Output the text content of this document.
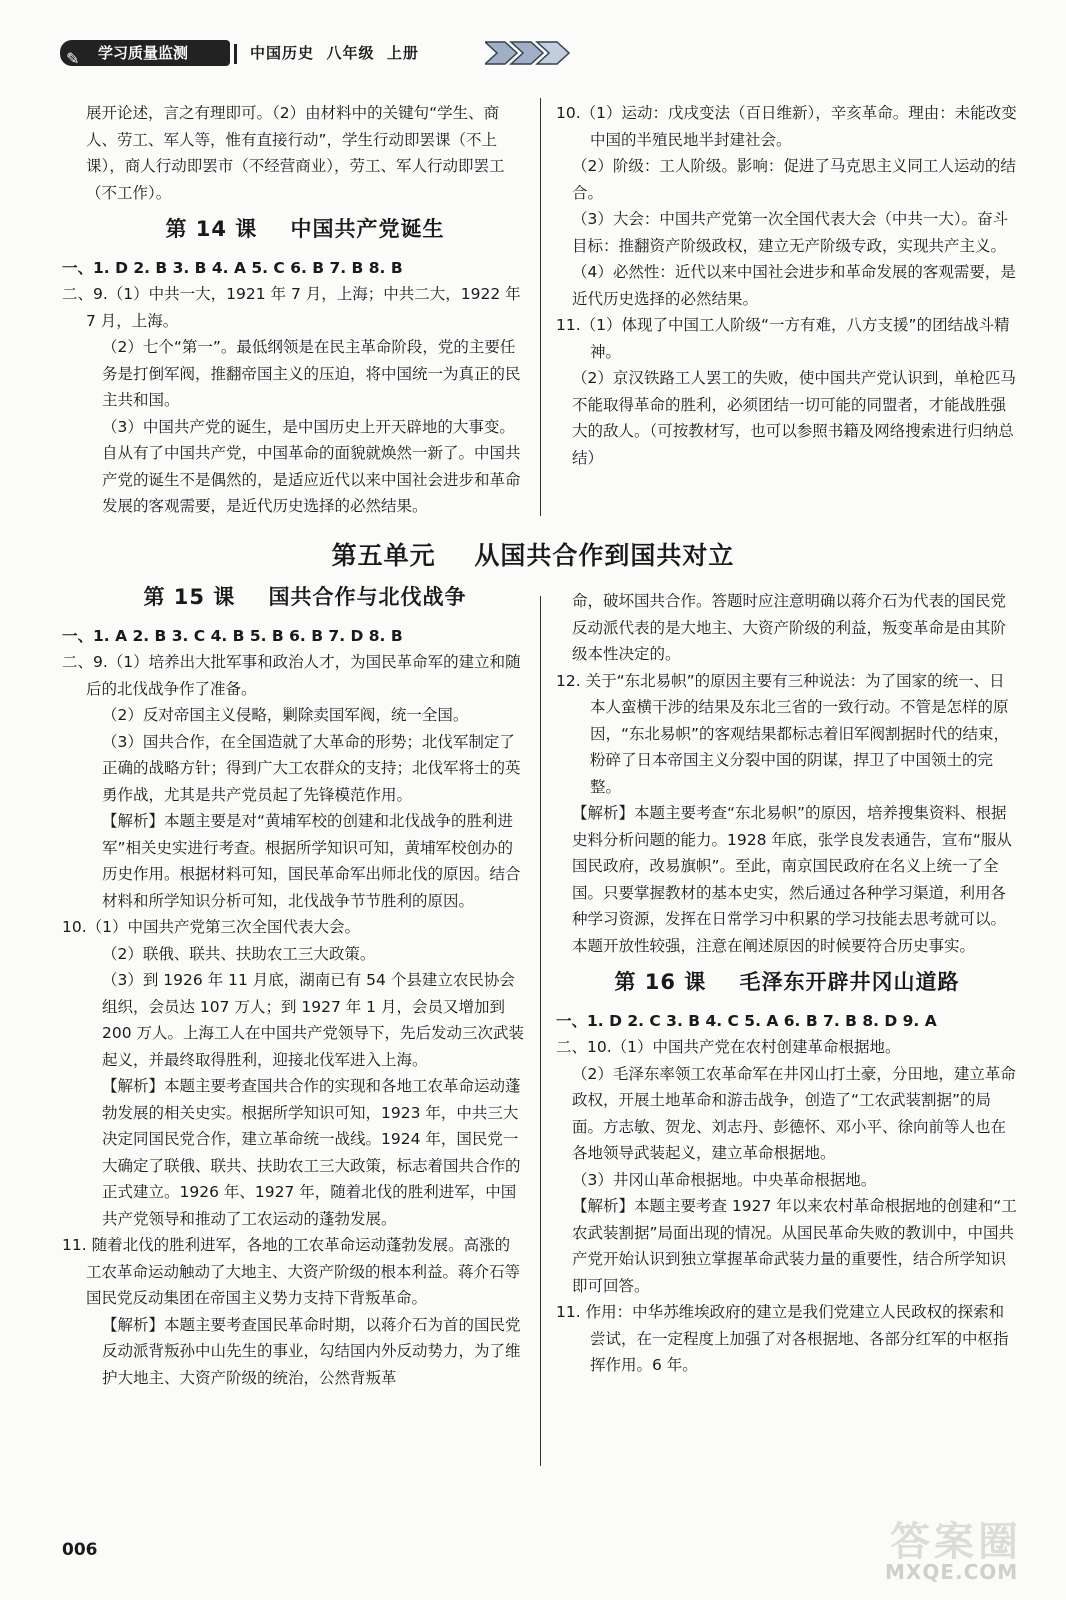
✎ 学习质量监测	中国历史  八年级  上册

展开论述，言之有理即可。（2）由材料中的关键句“学生、商人、劳工、军人等，惟有直接行动”，学生行动即罢课（不上课），商人行动即罢市（不经营商业），劳工、军人行动即罢工（不工作）。

第 14 课    中国共产党诞生

一、1. D 2. B 3. B 4. A 5. C 6. B 7. B 8. B

二、9.（1）中共一大，1921 年 7 月，上海；中共二大，1922 年 7 月，上海。

（2）七个“第一”。最低纲领是在民主革命阶段，党的主要任务是打倒军阀，推翻帝国主义的压迫，将中国统一为真正的民主共和国。

（3）中国共产党的诞生，是中国历史上开天辟地的大事变。自从有了中国共产党，中国革命的面貌就焕然一新了。中国共产党的诞生不是偶然的，是适应近代以来中国社会进步和革命发展的客观需要，是近代历史选择的必然结果。

10.（1）运动：戊戌变法（百日维新），辛亥革命。理由：未能改变中国的半殖民地半封建社会。

（2）阶级：工人阶级。影响：促进了马克思主义同工人运动的结合。

（3）大会：中国共产党第一次全国代表大会（中共一大）。奋斗目标：推翻资产阶级政权，建立无产阶级专政，实现共产主义。

（4）必然性：近代以来中国社会进步和革命发展的客观需要，是近代历史选择的必然结果。

11.（1）体现了中国工人阶级“一方有难，八方支援”的团结战斗精神。

（2）京汉铁路工人罢工的失败，使中国共产党认识到，单枪匹马不能取得革命的胜利，必须团结一切可能的同盟者，才能战胜强大的敌人。（可按教材写，也可以参照书籍及网络搜索进行归纳总结）

第五单元    从国共合作到国共对立
第 15 课    国共合作与北伐战争

一、1. A 2. B 3. C 4. B 5. B 6. B 7. D 8. B

二、9.（1）培养出大批军事和政治人才，为国民革命军的建立和随后的北伐战争作了准备。

（2）反对帝国主义侵略，剿除卖国军阀，统一全国。

（3）国共合作，在全国造就了大革命的形势；北伐军制定了正确的战略方针；得到广大工农群众的支持；北伐军将士的英勇作战，尤其是共产党员起了先锋模范作用。

【解析】本题主要是对“黄埔军校的创建和北伐战争的胜利进军”相关史实进行考查。根据所学知识可知，黄埔军校创办的历史作用。根据材料可知，国民革命军出师北伐的原因。结合材料和所学知识分析可知，北伐战争节节胜利的原因。

10.（1）中国共产党第三次全国代表大会。

（2）联俄、联共、扶助农工三大政策。

（3）到 1926 年 11 月底，湖南已有 54 个县建立农民协会组织，会员达 107 万人；到 1927 年 1 月，会员又增加到 200 万人。上海工人在中国共产党领导下，先后发动三次武装起义，并最终取得胜利，迎接北伐军进入上海。

【解析】本题主要考查国共合作的实现和各地工农革命运动蓬勃发展的相关史实。根据所学知识可知，1923 年，中共三大决定同国民党合作，建立革命统一战线。1924 年，国民党一大确定了联俄、联共、扶助农工三大政策，标志着国共合作的正式建立。1926 年、1927 年，随着北伐的胜利进军，中国共产党领导和推动了工农运动的蓬勃发展。

11. 随着北伐的胜利进军，各地的工农革命运动蓬勃发展。高涨的工农革命运动触动了大地主、大资产阶级的根本利益。蒋介石等国民党反动集团在帝国主义势力支持下背叛革命。

【解析】本题主要考查国民革命时期，以蒋介石为首的国民党反动派背叛孙中山先生的事业，勾结国内外反动势力，为了维护大地主、大资产阶级的统治，公然背叛革

命，破坏国共合作。答题时应注意明确以蒋介石为代表的国民党反动派代表的是大地主、大资产阶级的利益，叛变革命是由其阶级本性决定的。

12. 关于“东北易帜”的原因主要有三种说法：为了国家的统一、日本人蛮横干涉的结果及东北三省的一致行动。不管是怎样的原因，“东北易帜”的客观结果都标志着旧军阀割据时代的结束，粉碎了日本帝国主义分裂中国的阴谋，捍卫了中国领土的完整。

【解析】本题主要考查“东北易帜”的原因，培养搜集资料、根据史料分析问题的能力。1928 年底，张学良发表通告，宣布“服从国民政府，改易旗帜”。至此，南京国民政府在名义上统一了全国。只要掌握教材的基本史实，然后通过各种学习渠道，利用各种学习资源，发挥在日常学习中积累的学习技能去思考就可以。本题开放性较强，注意在阐述原因的时候要符合历史事实。

第 16 课    毛泽东开辟井冈山道路

一、1. D 2. C 3. B 4. C 5. A 6. B 7. B 8. D 9. A

二、10.（1）中国共产党在农村创建革命根据地。

（2）毛泽东率领工农革命军在井冈山打土豪，分田地，建立革命政权，开展土地革命和游击战争，创造了“工农武装割据”的局面。方志敏、贺龙、刘志丹、彭德怀、邓小平、徐向前等人也在各地领导武装起义，建立革命根据地。

（3）井冈山革命根据地。中央革命根据地。

【解析】本题主要考查 1927 年以来农村革命根据地的创建和“工农武装割据”局面出现的情况。从国民革命失败的教训中，中国共产党开始认识到独立掌握革命武装力量的重要性，结合所学知识即可回答。

11. 作用：中华苏维埃政府的建立是我们党建立人民政权的探索和尝试，在一定程度上加强了对各根据地、各部分红军的中枢指挥作用。6 年。

006	答案圈
MXQE.COM
